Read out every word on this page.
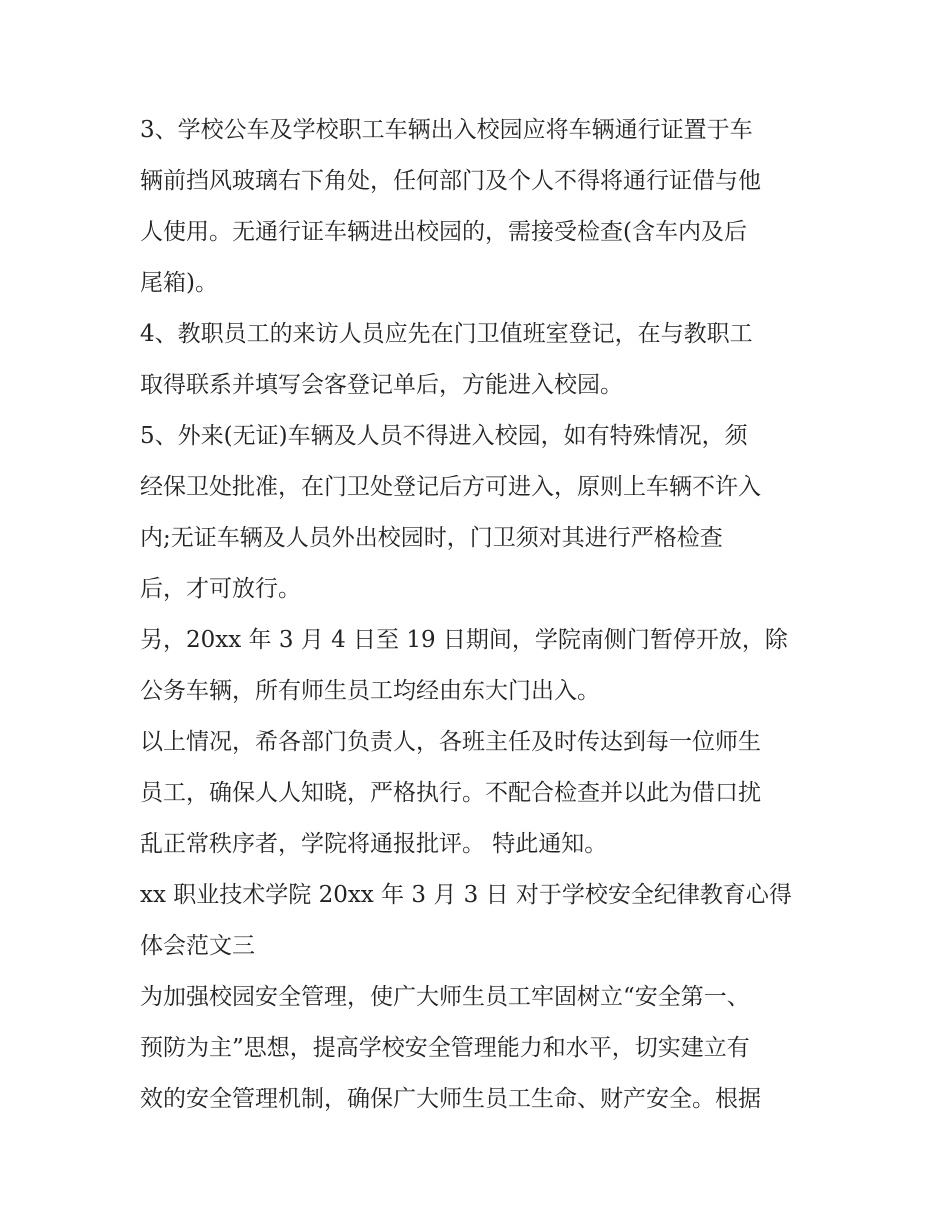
3、学校公车及学校职工车辆出入校园应将车辆通行证置于车

辆前挡风玻璃右下角处，任何部门及个人不得将通行证借与他

人使用。无通行证车辆进出校园的，需接受检查(含车内及后

尾箱)。

4、教职员工的来访人员应先在门卫值班室登记，在与教职工

取得联系并填写会客登记单后，方能进入校园。

5、外来(无证)车辆及人员不得进入校园，如有特殊情况，须

经保卫处批准，在门卫处登记后方可进入，原则上车辆不许入

内;无证车辆及人员外出校园时，门卫须对其进行严格检查

后，才可放行。

另，20xx 年 3 月 4 日至 19 日期间，学院南侧门暂停开放，除

公务车辆，所有师生员工均经由东大门出入。

以上情况，希各部门负责人，各班主任及时传达到每一位师生

员工，确保人人知晓，严格执行。不配合检查并以此为借口扰

乱正常秩序者，学院将通报批评。 特此通知。

xx 职业技术学院 20xx 年 3 月 3 日 对于学校安全纪律教育心得

体会范文三

为加强校园安全管理，使广大师生员工牢固树立“安全第一、

预防为主”思想，提高学校安全管理能力和水平，切实建立有

效的安全管理机制，确保广大师生员工生命、财产安全。根据
